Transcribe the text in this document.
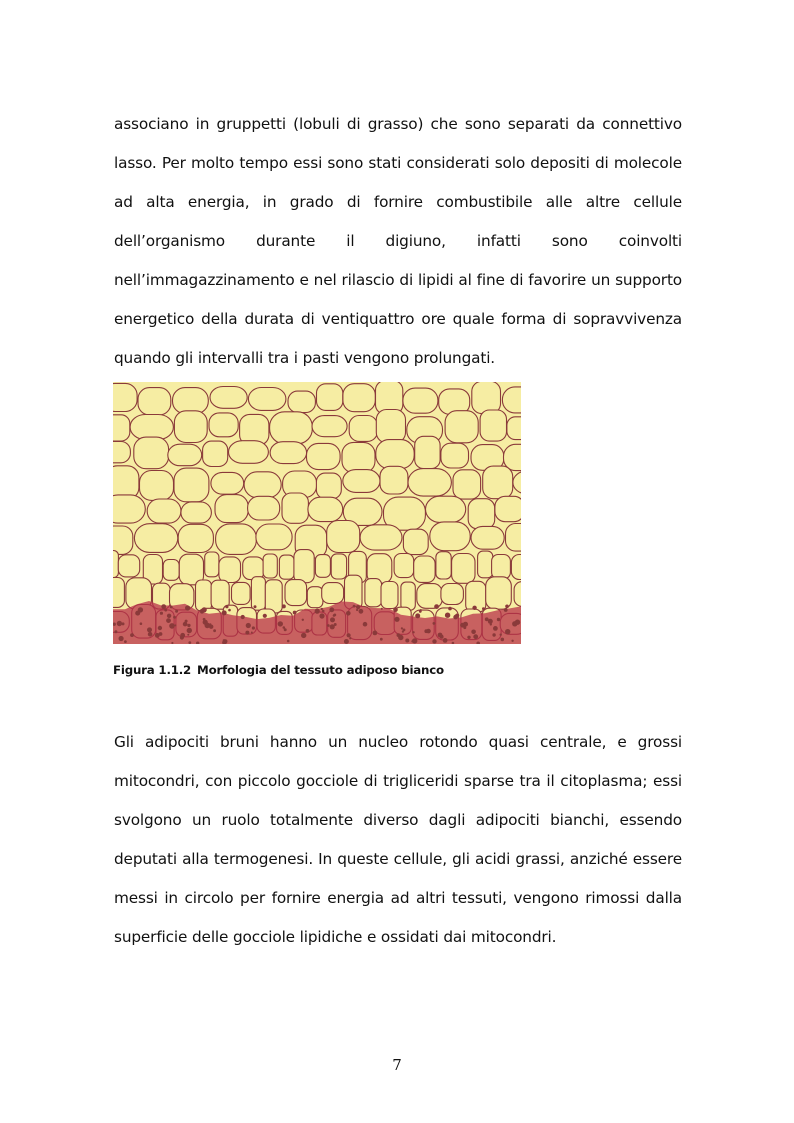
associano in gruppetti (lobuli di grasso) che sono separati da connettivo lasso. Per molto tempo essi sono stati considerati solo depositi di molecole ad alta energia, in grado di fornire combustibile alle altre cellule dell’organismo durante il digiuno, infatti sono coinvolti nell’immagazzinamento e nel rilascio di lipidi al fine di favorire un supporto energetico della durata di ventiquattro ore quale forma di sopravvivenza quando gli intervalli tra i pasti vengono prolungati.

Figura 1.1.2 Morfologia del tessuto adiposo bianco

Gli adipociti bruni hanno un nucleo rotondo quasi centrale, e grossi mitocondri, con piccolo gocciole di trigliceridi sparse tra il citoplasma; essi svolgono un ruolo totalmente diverso dagli adipociti bianchi, essendo deputati alla termogenesi. In queste cellule, gli acidi grassi, anziché essere messi in circolo per fornire energia ad altri tessuti, vengono rimossi dalla superficie delle gocciole lipidiche e ossidati dai mitocondri.

7
